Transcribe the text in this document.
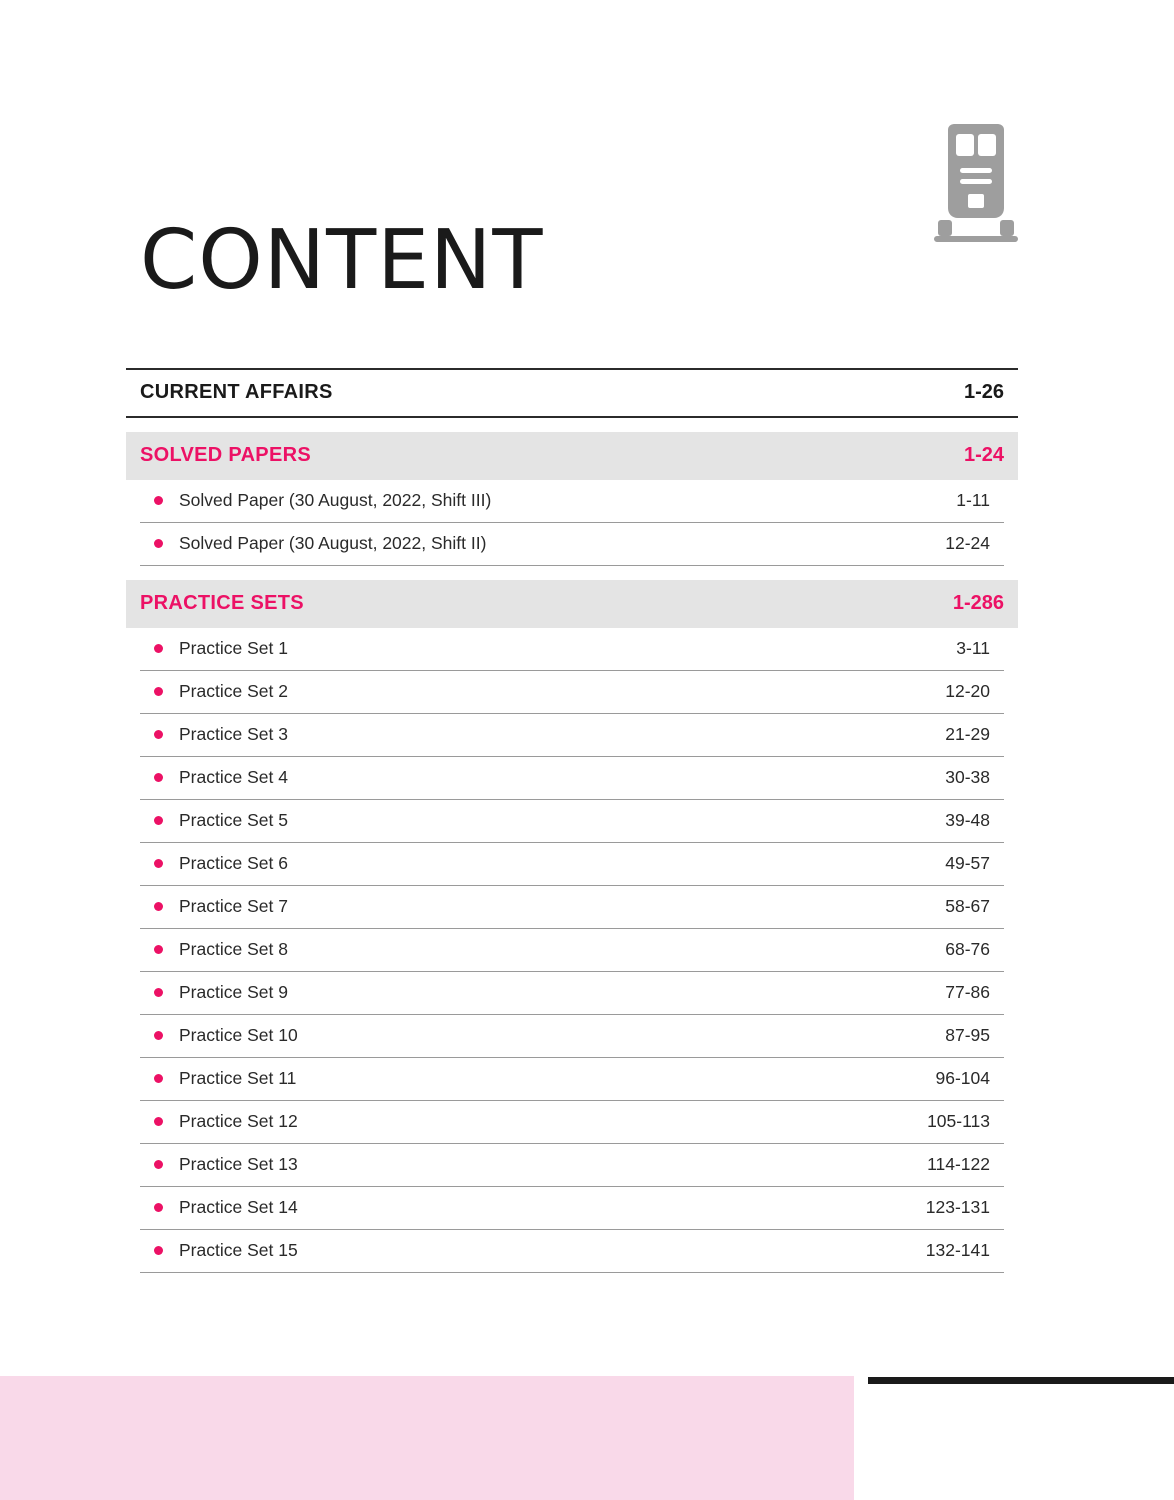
CONTENT
CURRENT AFFAIRS	1-26
SOLVED PAPERS	1-24
Solved Paper (30 August, 2022, Shift III)	1-11
Solved Paper (30 August, 2022, Shift II)	12-24
PRACTICE SETS	1-286
Practice Set 1	3-11
Practice Set 2	12-20
Practice Set 3	21-29
Practice Set 4	30-38
Practice Set 5	39-48
Practice Set 6	49-57
Practice Set 7	58-67
Practice Set 8	68-76
Practice Set 9	77-86
Practice Set 10	87-95
Practice Set 11	96-104
Practice Set 12	105-113
Practice Set 13	114-122
Practice Set 14	123-131
Practice Set 15	132-141
